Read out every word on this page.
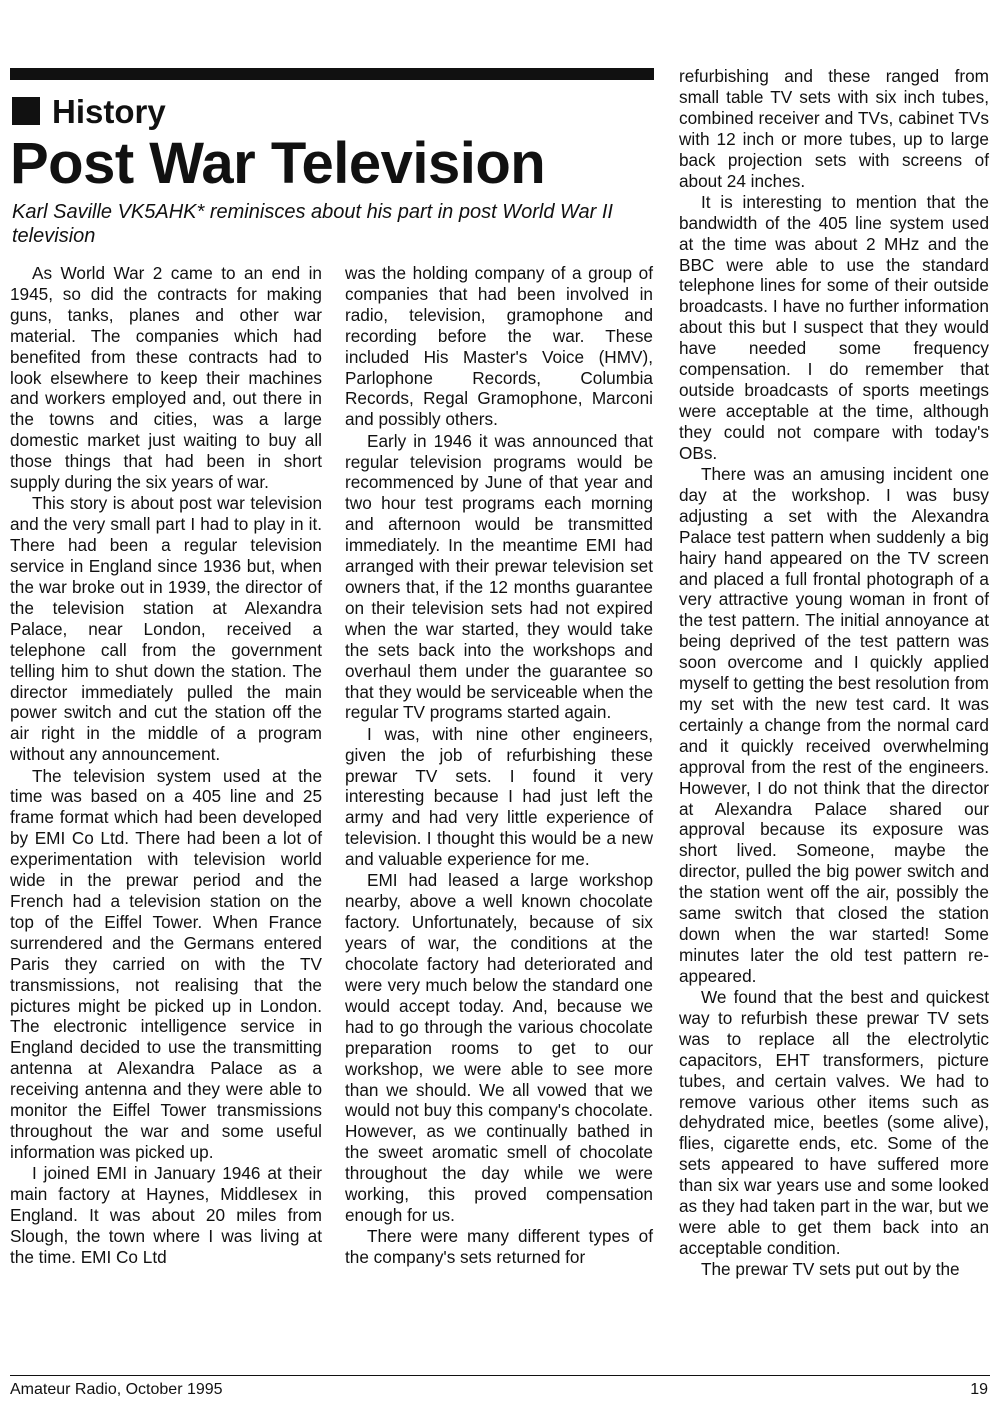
History
Post War Television
Karl Saville VK5AHK* reminisces about his part in post World War II television

As World War 2 came to an end in 1945, so did the contracts for making guns, tanks, planes and other war material. The companies which had benefited from these contracts had to look elsewhere to keep their machines and workers employed and, out there in the towns and cities, was a large domestic market just waiting to buy all those things that had been in short supply during the six years of war.

This story is about post war television and the very small part I had to play in it. There had been a regular television service in England since 1936 but, when the war broke out in 1939, the director of the television station at Alexandra Palace, near London, received a telephone call from the government telling him to shut down the station. The director immediately pulled the main power switch and cut the station off the air right in the middle of a program without any announcement.

The television system used at the time was based on a 405 line and 25 frame format which had been developed by EMI Co Ltd. There had been a lot of experimentation with television world wide in the prewar period and the French had a television station on the top of the Eiffel Tower. When France surrendered and the Germans entered Paris they carried on with the TV transmissions, not realising that the pictures might be picked up in London. The electronic intelligence service in England decided to use the transmitting antenna at Alexandra Palace as a receiving antenna and they were able to monitor the Eiffel Tower transmissions throughout the war and some useful information was picked up.

I joined EMI in January 1946 at their main factory at Haynes, Middlesex in England. It was about 20 miles from Slough, the town where I was living at the time. EMI Co Ltd

was the holding company of a group of companies that had been involved in radio, television, gramophone and recording before the war. These included His Master's Voice (HMV), Parlophone Records, Columbia Records, Regal Gramophone, Marconi and possibly others.

Early in 1946 it was announced that regular television programs would be recommenced by June of that year and two hour test programs each morning and afternoon would be transmitted immediately. In the meantime EMI had arranged with their prewar television set owners that, if the 12 months guarantee on their television sets had not expired when the war started, they would take the sets back into the workshops and overhaul them under the guarantee so that they would be serviceable when the regular TV programs started again.

I was, with nine other engineers, given the job of refurbishing these prewar TV sets. I found it very interesting because I had just left the army and had very little experience of television. I thought this would be a new and valuable experience for me.

EMI had leased a large workshop nearby, above a well known chocolate factory. Unfortunately, because of six years of war, the conditions at the chocolate factory had deteriorated and were very much below the standard one would accept today. And, because we had to go through the various chocolate preparation rooms to get to our workshop, we were able to see more than we should. We all vowed that we would not buy this company's chocolate. However, as we continually bathed in the sweet aromatic smell of chocolate throughout the day while we were working, this proved compensation enough for us.

There were many different types of the company's sets returned for

refurbishing and these ranged from small table TV sets with six inch tubes, combined receiver and TVs, cabinet TVs with 12 inch or more tubes, up to large back projection sets with screens of about 24 inches.

It is interesting to mention that the bandwidth of the 405 line system used at the time was about 2 MHz and the BBC were able to use the standard telephone lines for some of their outside broadcasts. I have no further information about this but I suspect that they would have needed some frequency compensation. I do remember that outside broadcasts of sports meetings were acceptable at the time, although they could not compare with today's OBs.

There was an amusing incident one day at the workshop. I was busy adjusting a set with the Alexandra Palace test pattern when suddenly a big hairy hand appeared on the TV screen and placed a full frontal photograph of a very attractive young woman in front of the test pattern. The initial annoyance at being deprived of the test pattern was soon overcome and I quickly applied myself to getting the best resolution from my set with the new test card. It was certainly a change from the normal card and it quickly received overwhelming approval from the rest of the engineers. However, I do not think that the director at Alexandra Palace shared our approval because its exposure was short lived. Someone, maybe the director, pulled the big power switch and the station went off the air, possibly the same switch that closed the station down when the war started! Some minutes later the old test pattern re-appeared.

We found that the best and quickest way to refurbish these prewar TV sets was to replace all the electrolytic capacitors, EHT transformers, picture tubes, and certain valves. We had to remove various other items such as dehydrated mice, beetles (some alive), flies, cigarette ends, etc. Some of the sets appeared to have suffered more than six war years use and some looked as they had taken part in the war, but we were able to get them back into an acceptable condition.

The prewar TV sets put out by the

Amateur Radio, October 1995	19
